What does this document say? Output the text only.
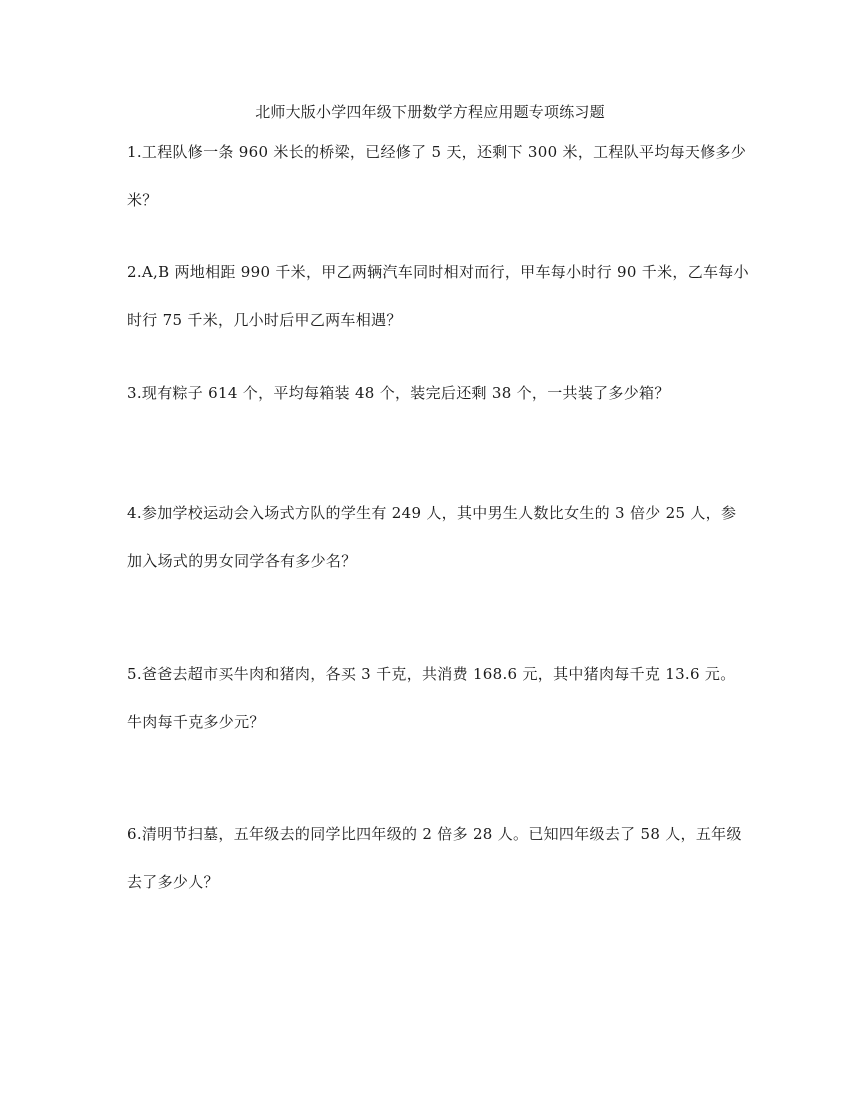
北师大版小学四年级下册数学方程应用题专项练习题
1.工程队修一条 960 米长的桥梁，已经修了 5 天，还剩下 300 米，工程队平均每天修多少
米？
2.A,B 两地相距 990 千米，甲乙两辆汽车同时相对而行，甲车每小时行 90 千米，乙车每小
时行 75 千米，几小时后甲乙两车相遇？
3.现有粽子 614 个，平均每箱装 48 个，装完后还剩 38 个，一共装了多少箱？
4.参加学校运动会入场式方队的学生有 249 人，其中男生人数比女生的 3 倍少 25 人，参
加入场式的男女同学各有多少名？
5.爸爸去超市买牛肉和猪肉，各买 3 千克，共消费 168.6 元，其中猪肉每千克 13.6 元。
牛肉每千克多少元？
6.清明节扫墓，五年级去的同学比四年级的 2 倍多 28 人。已知四年级去了 58 人，五年级
去了多少人？
